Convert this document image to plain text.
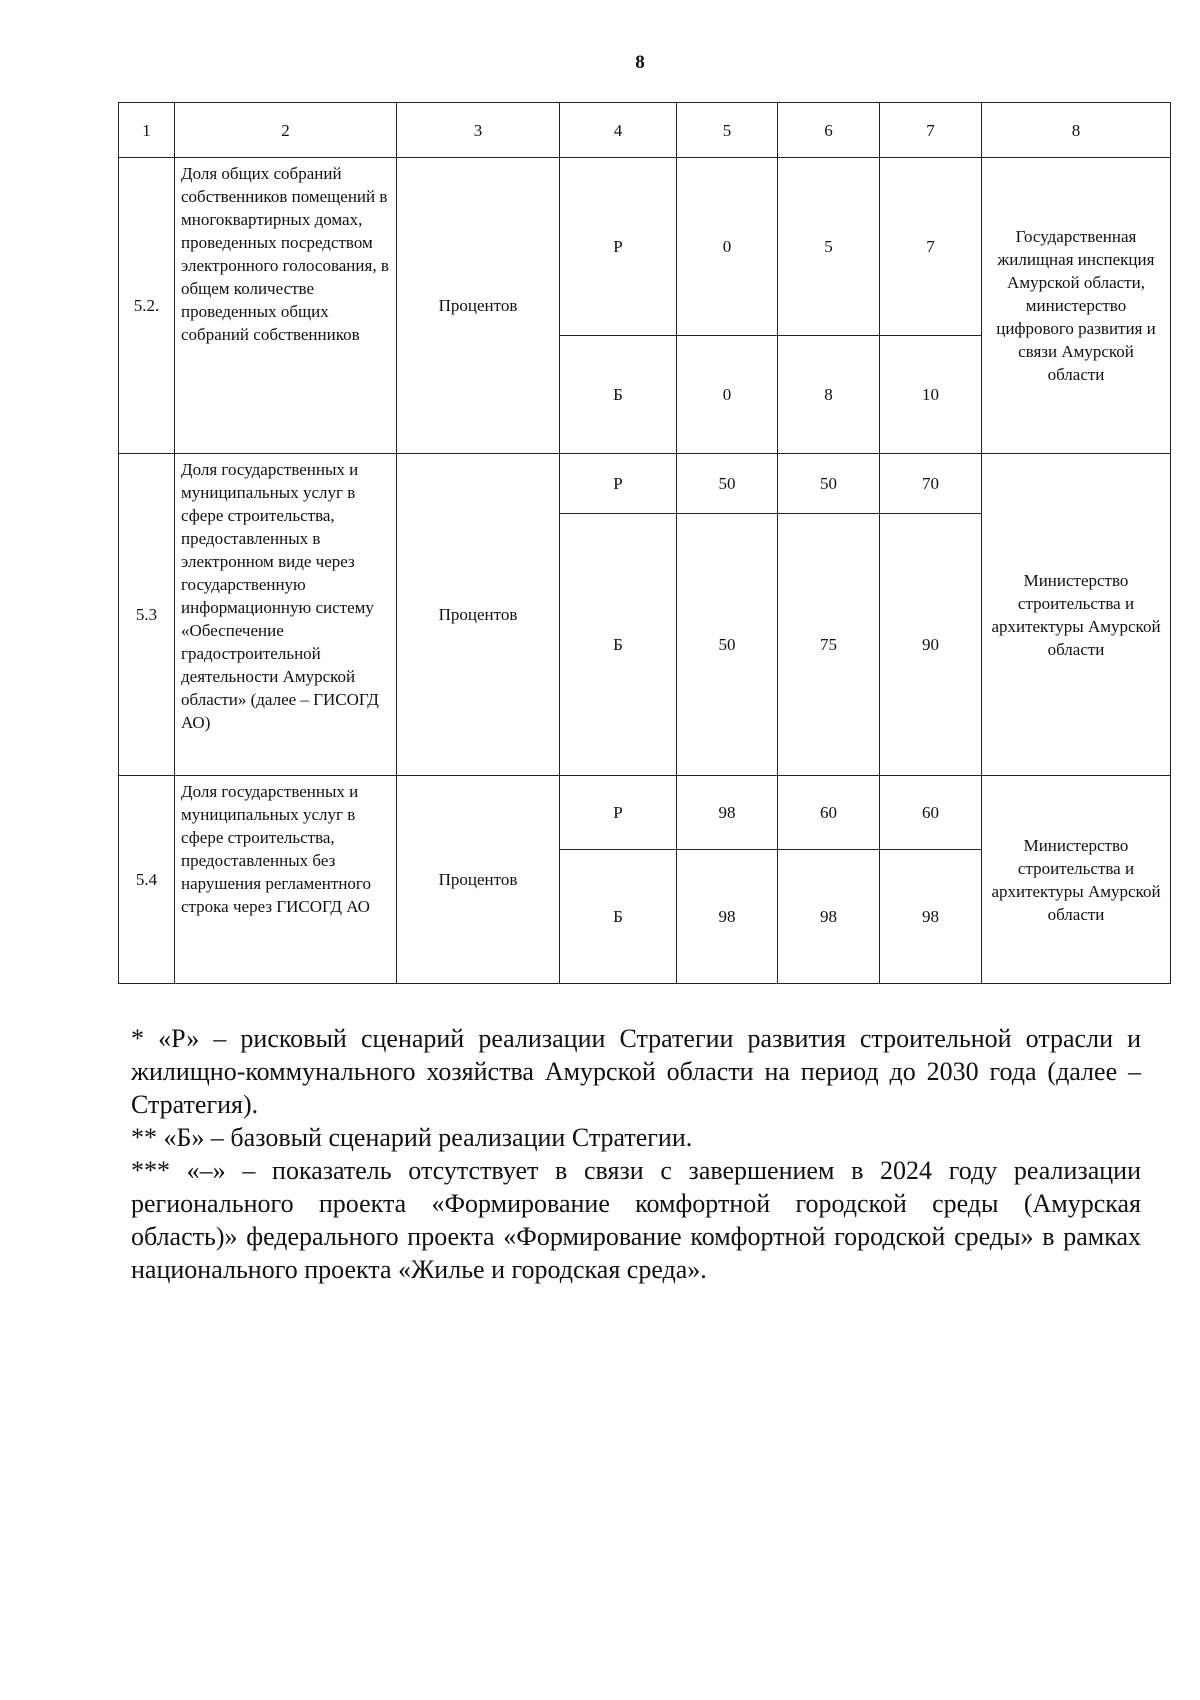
8
1	2	3	4	5	6	7	8
5.2.	Доля общих собраний собственников помещений в многоквартирных домах, проведенных посредством электронного голосования, в общем количестве проведенных общих собраний собственников	Процентов	Р	0	5	7	Государственная жилищная инспекция Амурской области, министерство цифрового развития и связи Амурской области
			Б	0	8	10	
5.3	Доля государственных и муниципальных услуг в сфере строительства, предоставленных в электронном виде через государственную информационную систему «Обеспечение градостроительной деятельности Амурской области» (далее – ГИСОГД АО)	Процентов	Р	50	50	70	Министерство строительства и архитектуры Амурской области
			Б	50	75	90	
5.4	Доля государственных и муниципальных услуг в сфере строительства, предоставленных без нарушения регламентного строка через ГИСОГД АО	Процентов	Р	98	60	60	Министерство строительства и архитектуры Амурской области
			Б	98	98	98	

* «Р» – рисковый сценарий реализации Стратегии развития строительной отрасли и жилищно-коммунального хозяйства Амурской области на период до 2030 года (далее – Стратегия).

** «Б» – базовый сценарий реализации Стратегии.

*** «–» – показатель отсутствует в связи с завершением в 2024 году реализации регионального проекта «Формирование комфортной городской среды (Амурская область)» федерального проекта «Формирование комфортной городской среды» в рамках национального проекта «Жилье и городская среда».
